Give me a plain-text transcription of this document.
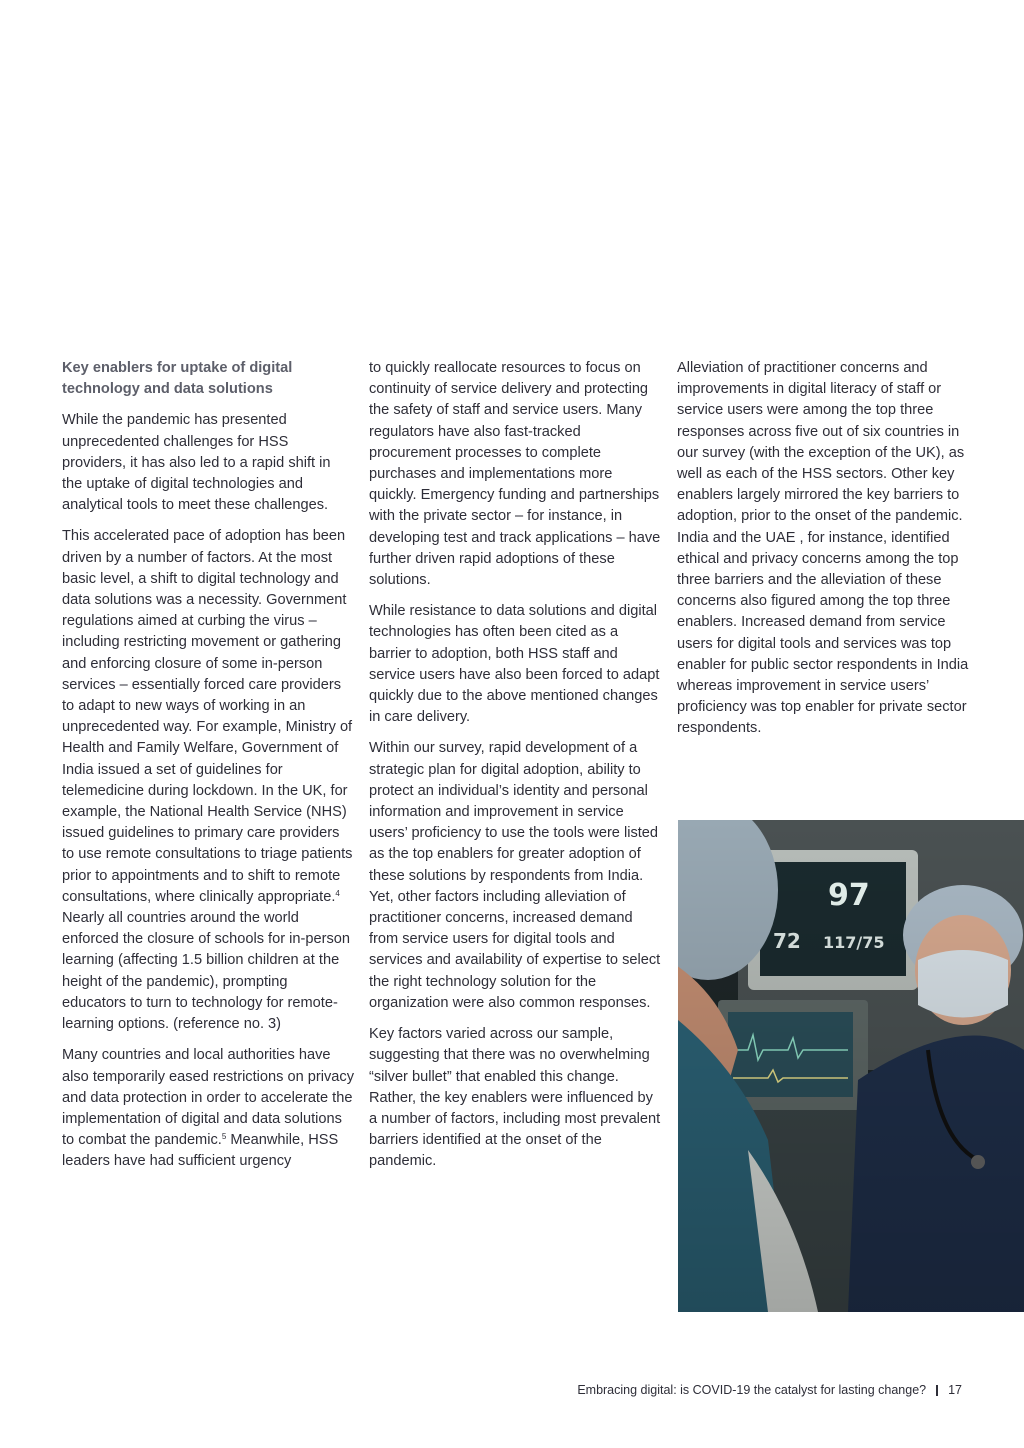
Key enablers for uptake of digital technology and data solutions

While the pandemic has presented unprecedented challenges for HSS providers, it has also led to a rapid shift in the uptake of digital technologies and analytical tools to meet these challenges.

This accelerated pace of adoption has been driven by a number of factors. At the most basic level, a shift to digital technology and data solutions was a necessity. Government regulations aimed at curbing the virus – including restricting movement or gathering and enforcing closure of some in-person services – essentially forced care providers to adapt to new ways of working in an unprecedented way. For example, Ministry of Health and Family Welfare, Government of India issued a set of guidelines for telemedicine during lockdown. In the UK, for example, the National Health Service (NHS) issued guidelines to primary care providers to use remote consultations to triage patients prior to appointments and to shift to remote consultations, where clinically appropriate.$^4$ Nearly all countries around the world enforced the closure of schools for in-person learning (affecting 1.5 billion children at the height of the pandemic), prompting educators to turn to technology for remote-learning options. (reference no. 3)

Many countries and local authorities have also temporarily eased restrictions on privacy and data protection in order to accelerate the implementation of digital and data solutions to combat the pandemic.$^5$ Meanwhile, HSS leaders have had sufficient urgency

to quickly reallocate resources to focus on continuity of service delivery and protecting the safety of staff and service users. Many regulators have also fast-tracked procurement processes to complete purchases and implementations more quickly. Emergency funding and partnerships with the private sector – for instance, in developing test and track applications – have further driven rapid adoptions of these solutions.

While resistance to data solutions and digital technologies has often been cited as a barrier to adoption, both HSS staff and service users have also been forced to adapt quickly due to the above mentioned changes in care delivery.

Within our survey, rapid development of a strategic plan for digital adoption, ability to protect an individual’s identity and personal information and improvement in service users’ proficiency to use the tools were listed as the top enablers for greater adoption of these solutions by respondents from India. Yet, other factors including alleviation of practitioner concerns, increased demand from service users for digital tools and services and availability of expertise to select the right technology solution for the organization were also common responses.

Key factors varied across our sample, suggesting that there was no overwhelming “silver bullet” that enabled this change. Rather, the key enablers were influenced by a number of factors, including most prevalent barriers identified at the onset of the pandemic.

Alleviation of practitioner concerns and improvements in digital literacy of staff or service users were among the top three responses across five out of six countries in our survey (with the exception of the UK), as well as each of the HSS sectors. Other key enablers largely mirrored the key barriers to adoption, prior to the onset of the pandemic. India and the UAE , for instance, identified ethical and privacy concerns among the top three barriers and the alleviation of these concerns also figured among the top three enablers. Increased demand from service users for digital tools and services was top enabler for public sector respondents in India whereas improvement in service users’ proficiency was top enabler for private sector respondents.

97
72 117/75
Embracing digital: is COVID-19 the catalyst for lasting change? 17
